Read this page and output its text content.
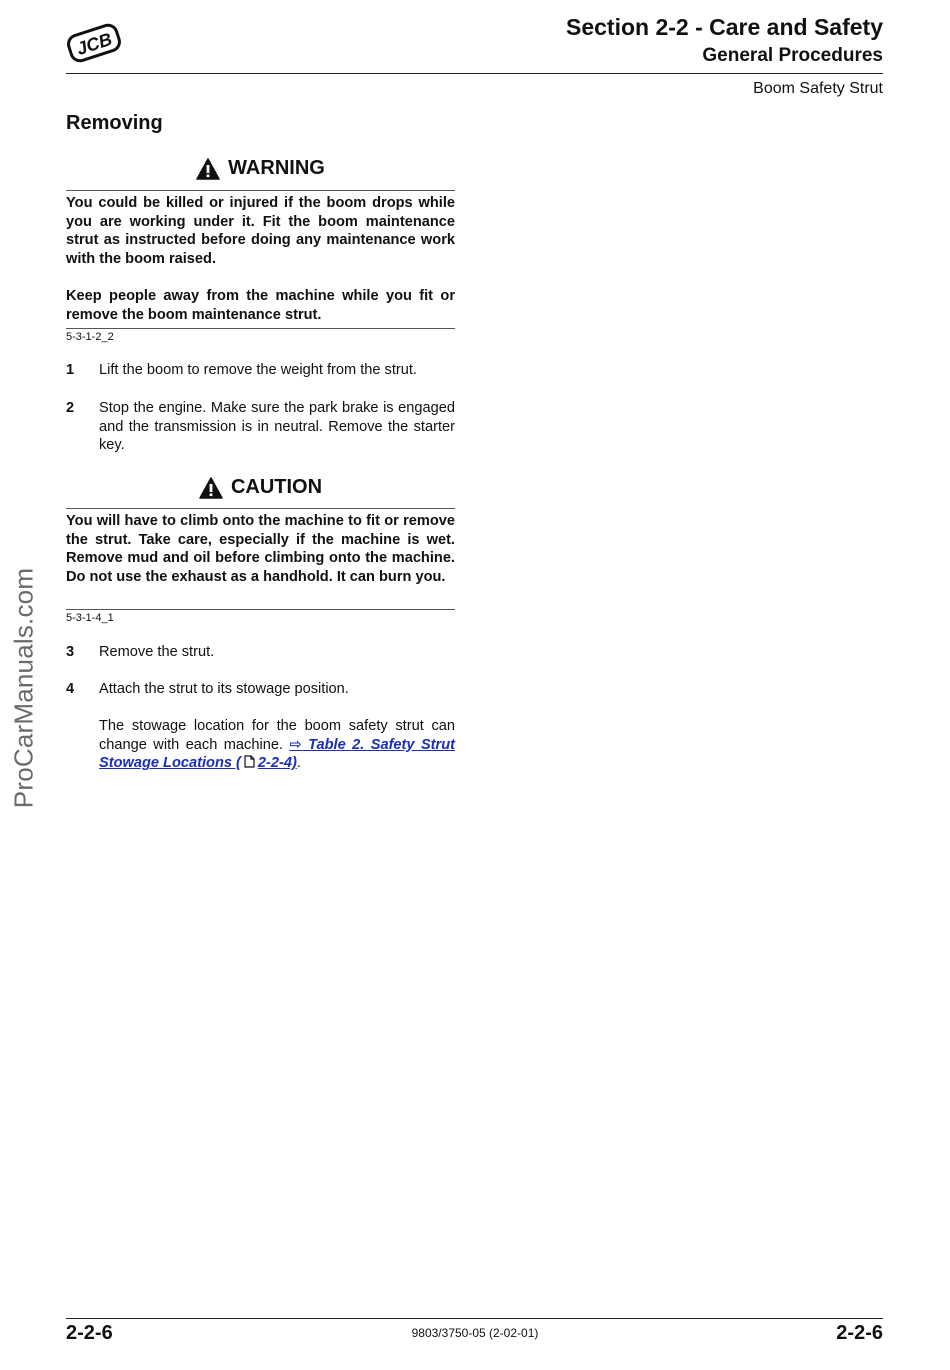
JCB
Section 2-2 - Care and Safety
General Procedures
Boom Safety Strut
ProCarManuals.com
Removing
WARNING

You could be killed or injured if the boom drops while you are working under it. Fit the boom maintenance strut as instructed before doing any maintenance work with the boom raised.

Keep people away from the machine while you fit or remove the boom maintenance strut.

5-3-1-2_2
1 Lift the boom to remove the weight from the strut.
2 Stop the engine. Make sure the park brake is engaged and the transmission is in neutral. Remove the starter key.
CAUTION

You will have to climb onto the machine to fit or remove the strut. Take care, especially if the machine is wet. Remove mud and oil before climbing onto the machine. Do not use the exhaust as a handhold. It can burn you.

5-3-1-4_1
3 Remove the strut.
4 Attach the strut to its stowage position.
The stowage location for the boom safety strut can change with each machine. ⇨ Table 2. Safety Strut Stowage Locations ( 2-2-4).
2-2-6	9803/3750-05 (2-02-01)	2-2-6
